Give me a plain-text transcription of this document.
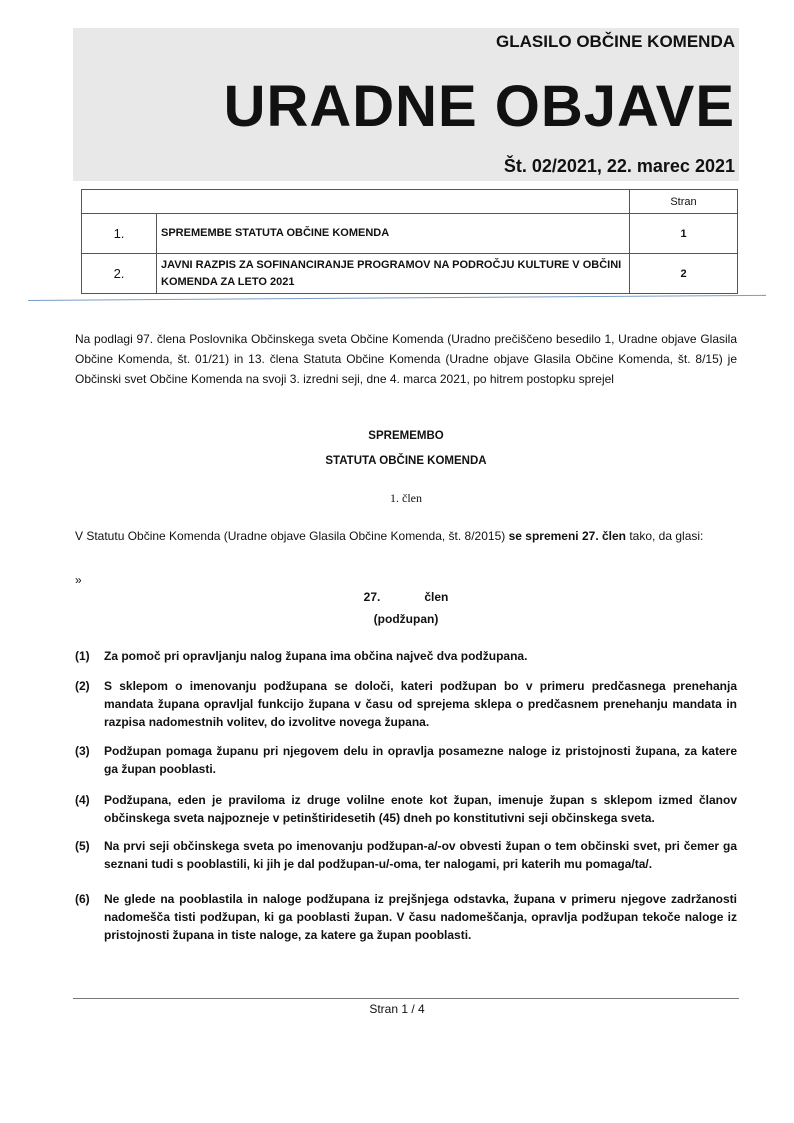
GLASILO OBČINE KOMENDA
URADNE OBJAVE
Št. 02/2021, 22. marec 2021
		Stran
1.	SPREMEMBE STATUTA OBČINE KOMENDA	1
2.	JAVNI RAZPIS ZA SOFINANCIRANJE PROGRAMOV NA PODROČJU KULTURE V OBČINI KOMENDA ZA LETO 2021	2
Na podlagi 97. člena Poslovnika Občinskega sveta Občine Komenda (Uradno prečiščeno besedilo 1, Uradne objave Glasila Občine Komenda, št. 01/21) in 13. člena Statuta Občine Komenda (Uradne objave Glasila Občine Komenda, št. 8/15) je Občinski svet Občine Komenda na svoji 3. izredni seji, dne 4. marca 2021, po hitrem postopku sprejel
SPREMEMBO
STATUTA OBČINE KOMENDA
1. člen
V Statutu Občine Komenda (Uradne objave Glasila Občine Komenda, št. 8/2015) se spremeni 27. člen tako, da glasi:
»
27.	člen
(podžupan)
(1)	Za pomoč pri opravljanju nalog župana ima občina največ dva podžupana.
(2)	S sklepom o imenovanju podžupana se določi, kateri podžupan bo v primeru predčasnega prenehanja mandata župana opravljal funkcijo župana v času od sprejema sklepa o predčasnem prenehanju mandata in razpisa nadomestnih volitev, do izvolitve novega župana.
(3)	Podžupan pomaga županu pri njegovem delu in opravlja posamezne naloge iz pristojnosti župana, za katere ga župan pooblasti.
(4)	Podžupana, eden je praviloma iz druge volilne enote kot župan, imenuje župan s sklepom izmed članov občinskega sveta najpozneje v petinštiridesetih (45) dneh po konstitutivni seji občinskega sveta.
(5)	Na prvi seji občinskega sveta po imenovanju podžupan-a/-ov obvesti župan o tem občinski svet, pri čemer ga seznani tudi s pooblastili, ki jih je dal podžupan-u/-oma, ter nalogami, pri katerih mu pomaga/ta/.
(6)	Ne glede na pooblastila in naloge podžupana iz prejšnjega odstavka, župana v primeru njegove zadržanosti nadomešča tisti podžupan, ki ga pooblasti župan. V času nadomeščanja, opravlja podžupan tekoče naloge iz pristojnosti župana in tiste naloge, za katere ga župan pooblasti.
Stran 1 / 4
